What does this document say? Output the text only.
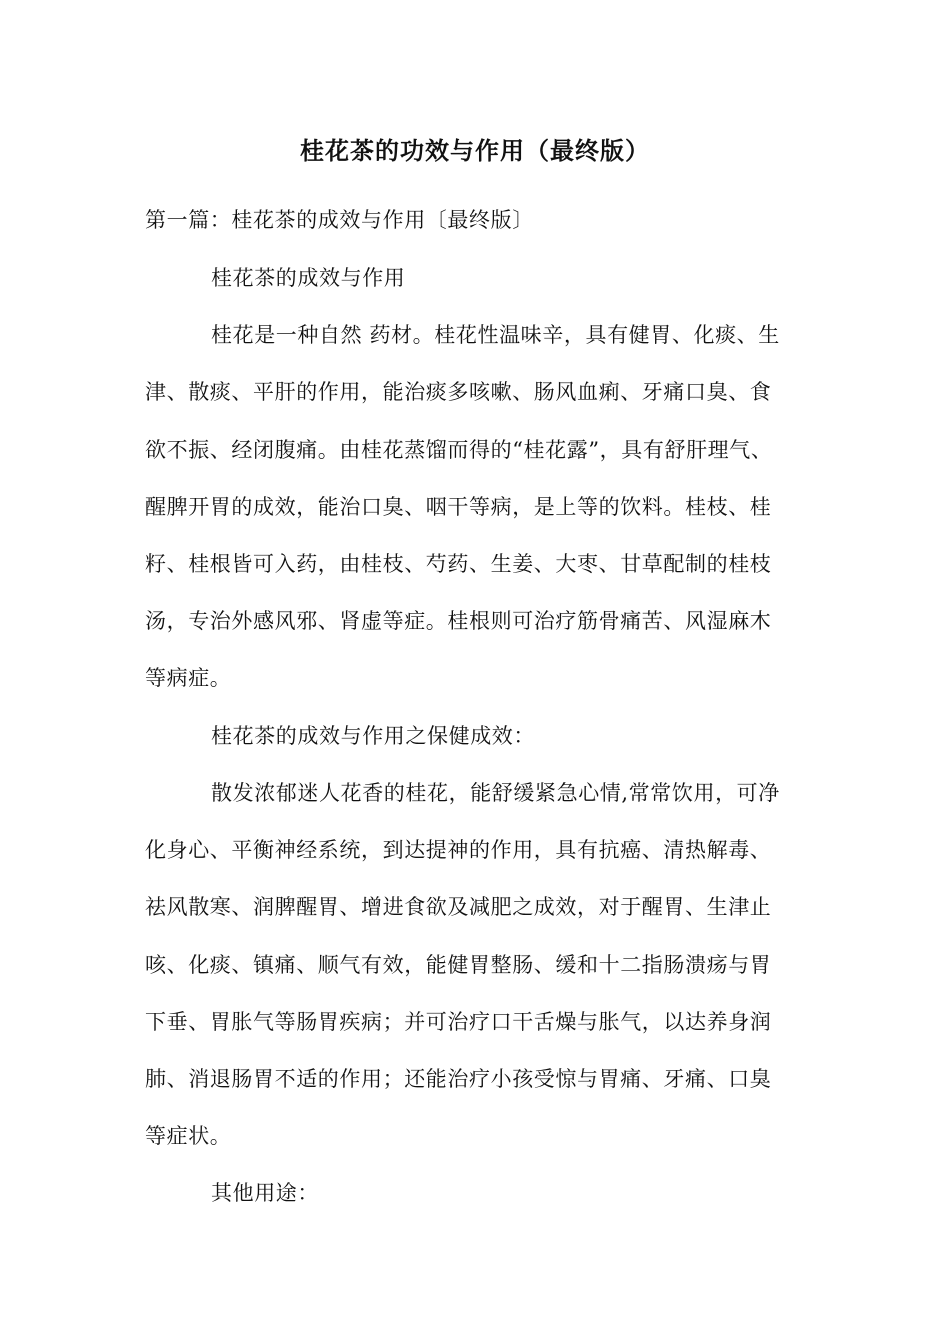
桂花茶的功效与作用（最终版）
第一篇：桂花茶的成效与作用〔最终版〕
桂花茶的成效与作用
桂花是一种自然 药材。桂花性温味辛，具有健胃、化痰、生
津、散痰、平肝的作用，能治痰多咳嗽、肠风血痢、牙痛口臭、食
欲不振、经闭腹痛。由桂花蒸馏而得的“桂花露”，具有舒肝理气、
醒脾开胃的成效，能治口臭、咽干等病，是上等的饮料。桂枝、桂
籽、桂根皆可入药，由桂枝、芍药、生姜、大枣、甘草配制的桂枝
汤，专治外感风邪、肾虚等症。桂根则可治疗筋骨痛苦、风湿麻木
等病症。
桂花茶的成效与作用之保健成效：
散发浓郁迷人花香的桂花，能舒缓紧急心情,常常饮用，可净
化身心、平衡神经系统，到达提神的作用，具有抗癌、清热解毒、
祛风散寒、润脾醒胃、增进食欲及减肥之成效，对于醒胃、生津止
咳、化痰、镇痛、顺气有效，能健胃整肠、缓和十二指肠溃疡与胃
下垂、胃胀气等肠胃疾病；并可治疗口干舌燥与胀气，以达养身润
肺、消退肠胃不适的作用；还能治疗小孩受惊与胃痛、牙痛、口臭
等症状。
其他用途：
